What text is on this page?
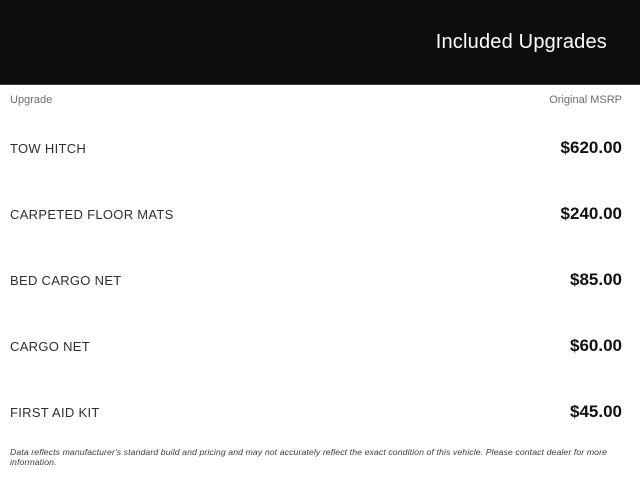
Included Upgrades
Upgrade	Original MSRP
TOW HITCH	$620.00
CARPETED FLOOR MATS	$240.00
BED CARGO NET	$85.00
CARGO NET	$60.00
FIRST AID KIT	$45.00
Data reflects manufacturer's standard build and pricing and may not accurately reflect the exact condition of this vehicle. Please contact dealer for more information.
